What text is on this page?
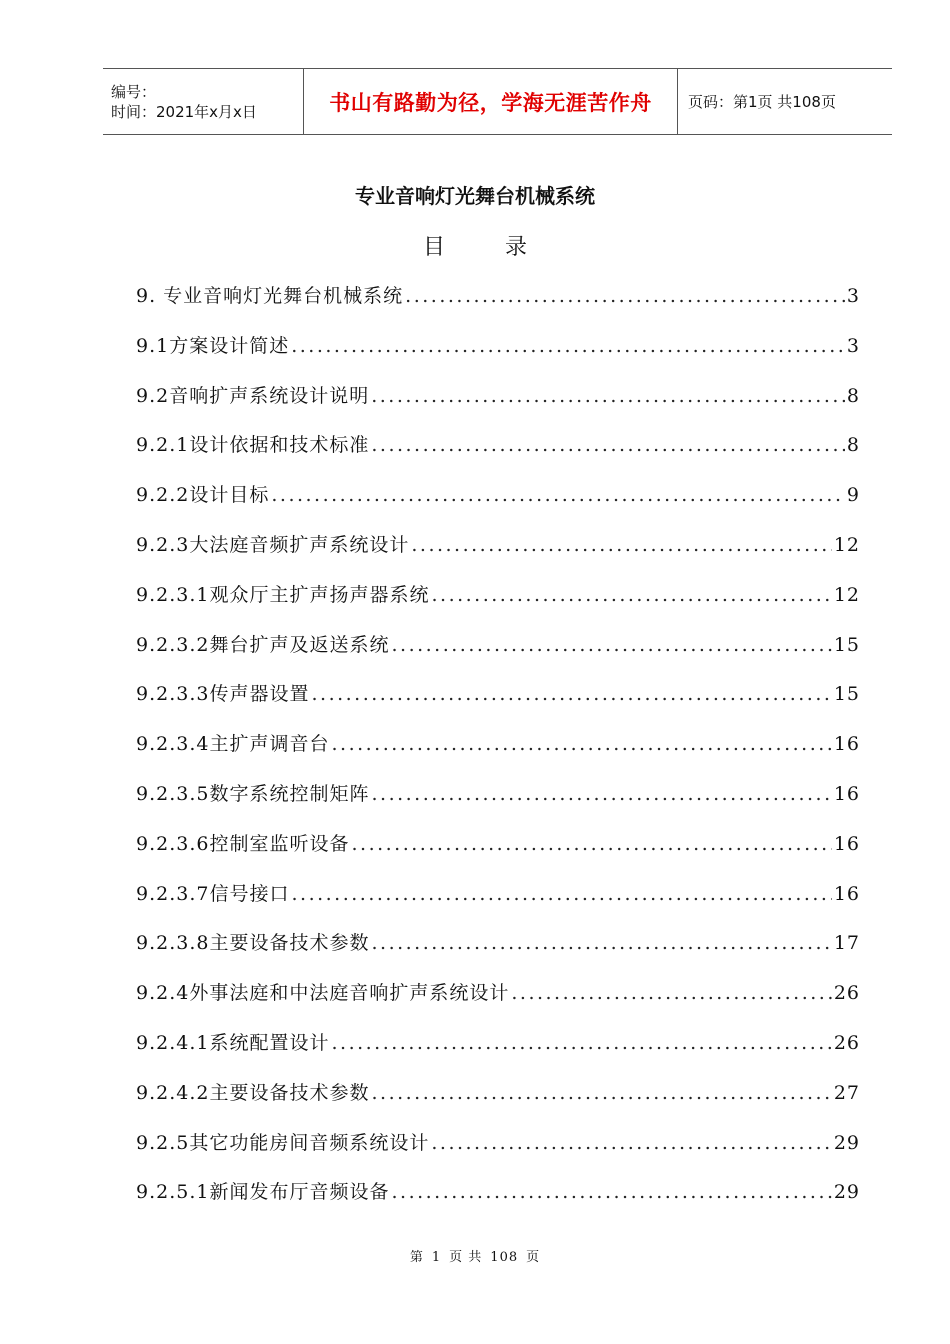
编号：
时间：2021年x月x日	书山有路勤为径，学海无涯苦作舟 页码：第1页 共108页
专业音响灯光舞台机械系统
目录
9. 专业音响灯光舞台机械系统 .....	3
9.1方案设计简述 .....	3
9.2音响扩声系统设计说明 .....	8
9.2.1设计依据和技术标准 .....	8
9.2.2设计目标 .....	9
9.2.3大法庭音频扩声系统设计 .....	12
9.2.3.1观众厅主扩声扬声器系统 .....	12
9.2.3.2舞台扩声及返送系统 .....	15
9.2.3.3传声器设置 .....	15
9.2.3.4主扩声调音台 .....	16
9.2.3.5数字系统控制矩阵 .....	16
9.2.3.6控制室监听设备 .....	16
9.2.3.7信号接口 .....	16
9.2.3.8主要设备技术参数 .....	17
9.2.4外事法庭和中法庭音响扩声系统设计 .....	26
9.2.4.1系统配置设计 .....	26
9.2.4.2主要设备技术参数 .....	27
9.2.5其它功能房间音频系统设计 .....	29
9.2.5.1新闻发布厅音频设备 .....	29
第 1 页 共 108 页
